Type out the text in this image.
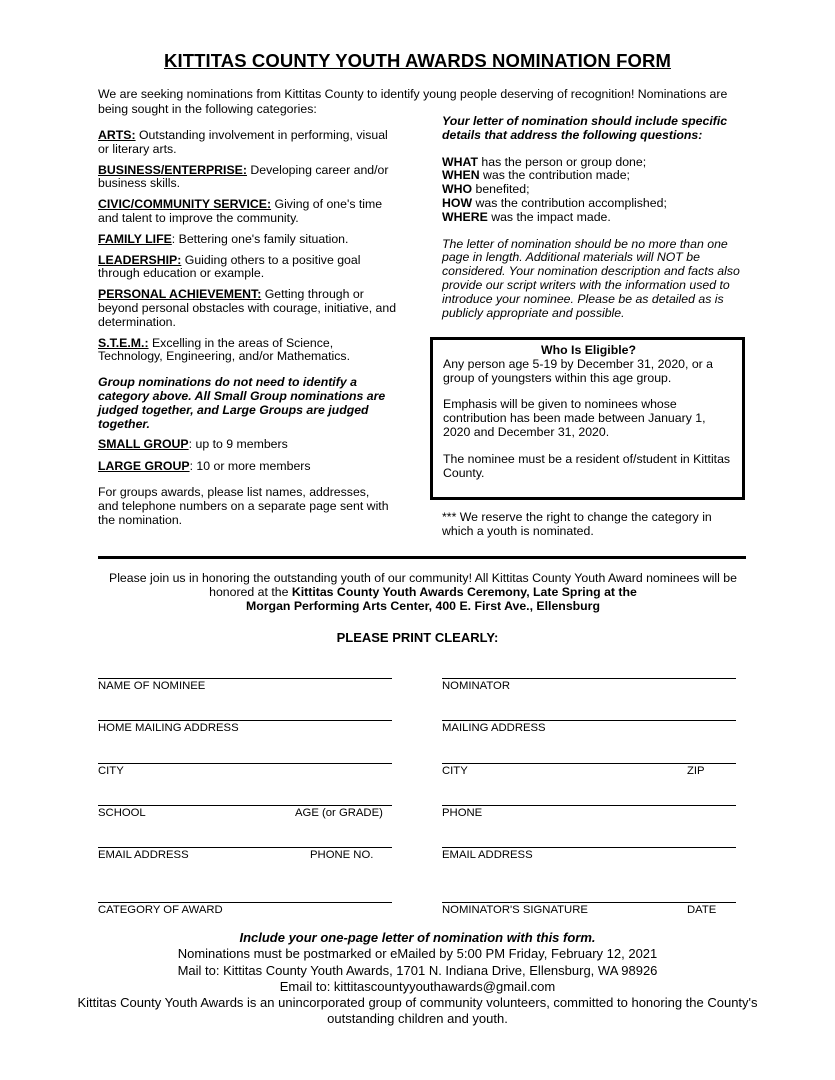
KITTITAS COUNTY YOUTH AWARDS NOMINATION FORM
We are seeking nominations from Kittitas County to identify young people deserving of recognition! Nominations are being sought in the following categories:

ARTS: Outstanding involvement in performing, visual or literary arts.

BUSINESS/ENTERPRISE: Developing career and/or business skills.

CIVIC/COMMUNITY SERVICE: Giving of one's time and talent to improve the community.

FAMILY LIFE: Bettering one's family situation.

LEADERSHIP: Guiding others to a positive goal through education or example.

PERSONAL ACHIEVEMENT: Getting through or beyond personal obstacles with courage, initiative, and determination.

S.T.E.M.: Excelling in the areas of Science, Technology, Engineering, and/or Mathematics.

Group nominations do not need to identify a category above. All Small Group nominations are judged together, and Large Groups are judged together.

SMALL GROUP: up to 9 members

LARGE GROUP: 10 or more members

For groups awards, please list names, addresses, and telephone numbers on a separate page sent with the nomination.

Your letter of nomination should include specific details that address the following questions:

WHAT has the person or group done;

WHEN was the contribution made;

WHO benefited;

HOW was the contribution accomplished;

WHERE was the impact made.

The letter of nomination should be no more than one page in length. Additional materials will NOT be considered. Your nomination description and facts also provide our script writers with the information used to introduce your nominee. Please be as detailed as is publicly appropriate and possible.

Who Is Eligible?

Any person age 5-19 by December 31, 2020, or a group of youngsters within this age group.

Emphasis will be given to nominees whose contribution has been made between January 1, 2020 and December 31, 2020.

The nominee must be a resident of/student in Kittitas County.

*** We reserve the right to change the category in which a youth is nominated.
Please join us in honoring the outstanding youth of our community! All Kittitas County Youth Award nominees will be
honored at the Kittitas County Youth Awards Ceremony, Late Spring at the
Morgan Performing Arts Center, 400 E. First Ave., Ellensburg
PLEASE PRINT CLEARLY:
NAME OF NOMINEE	NOMINATOR
HOME MAILING ADDRESS	MAILING ADDRESS
CITY	CITY	ZIP
SCHOOL	AGE (or GRADE)	PHONE
EMAIL ADDRESS	PHONE NO.	EMAIL ADDRESS
CATEGORY OF AWARD	NOMINATOR'S SIGNATURE	DATE
Include your one-page letter of nomination with this form.
Nominations must be postmarked or eMailed by 5:00 PM Friday, February 12, 2021
Mail to: Kittitas County Youth Awards, 1701 N. Indiana Drive, Ellensburg, WA 98926
Email to: kittitascountyyouthawards@gmail.com
Kittitas County Youth Awards is an unincorporated group of community volunteers, committed to honoring the County's outstanding children and youth.
